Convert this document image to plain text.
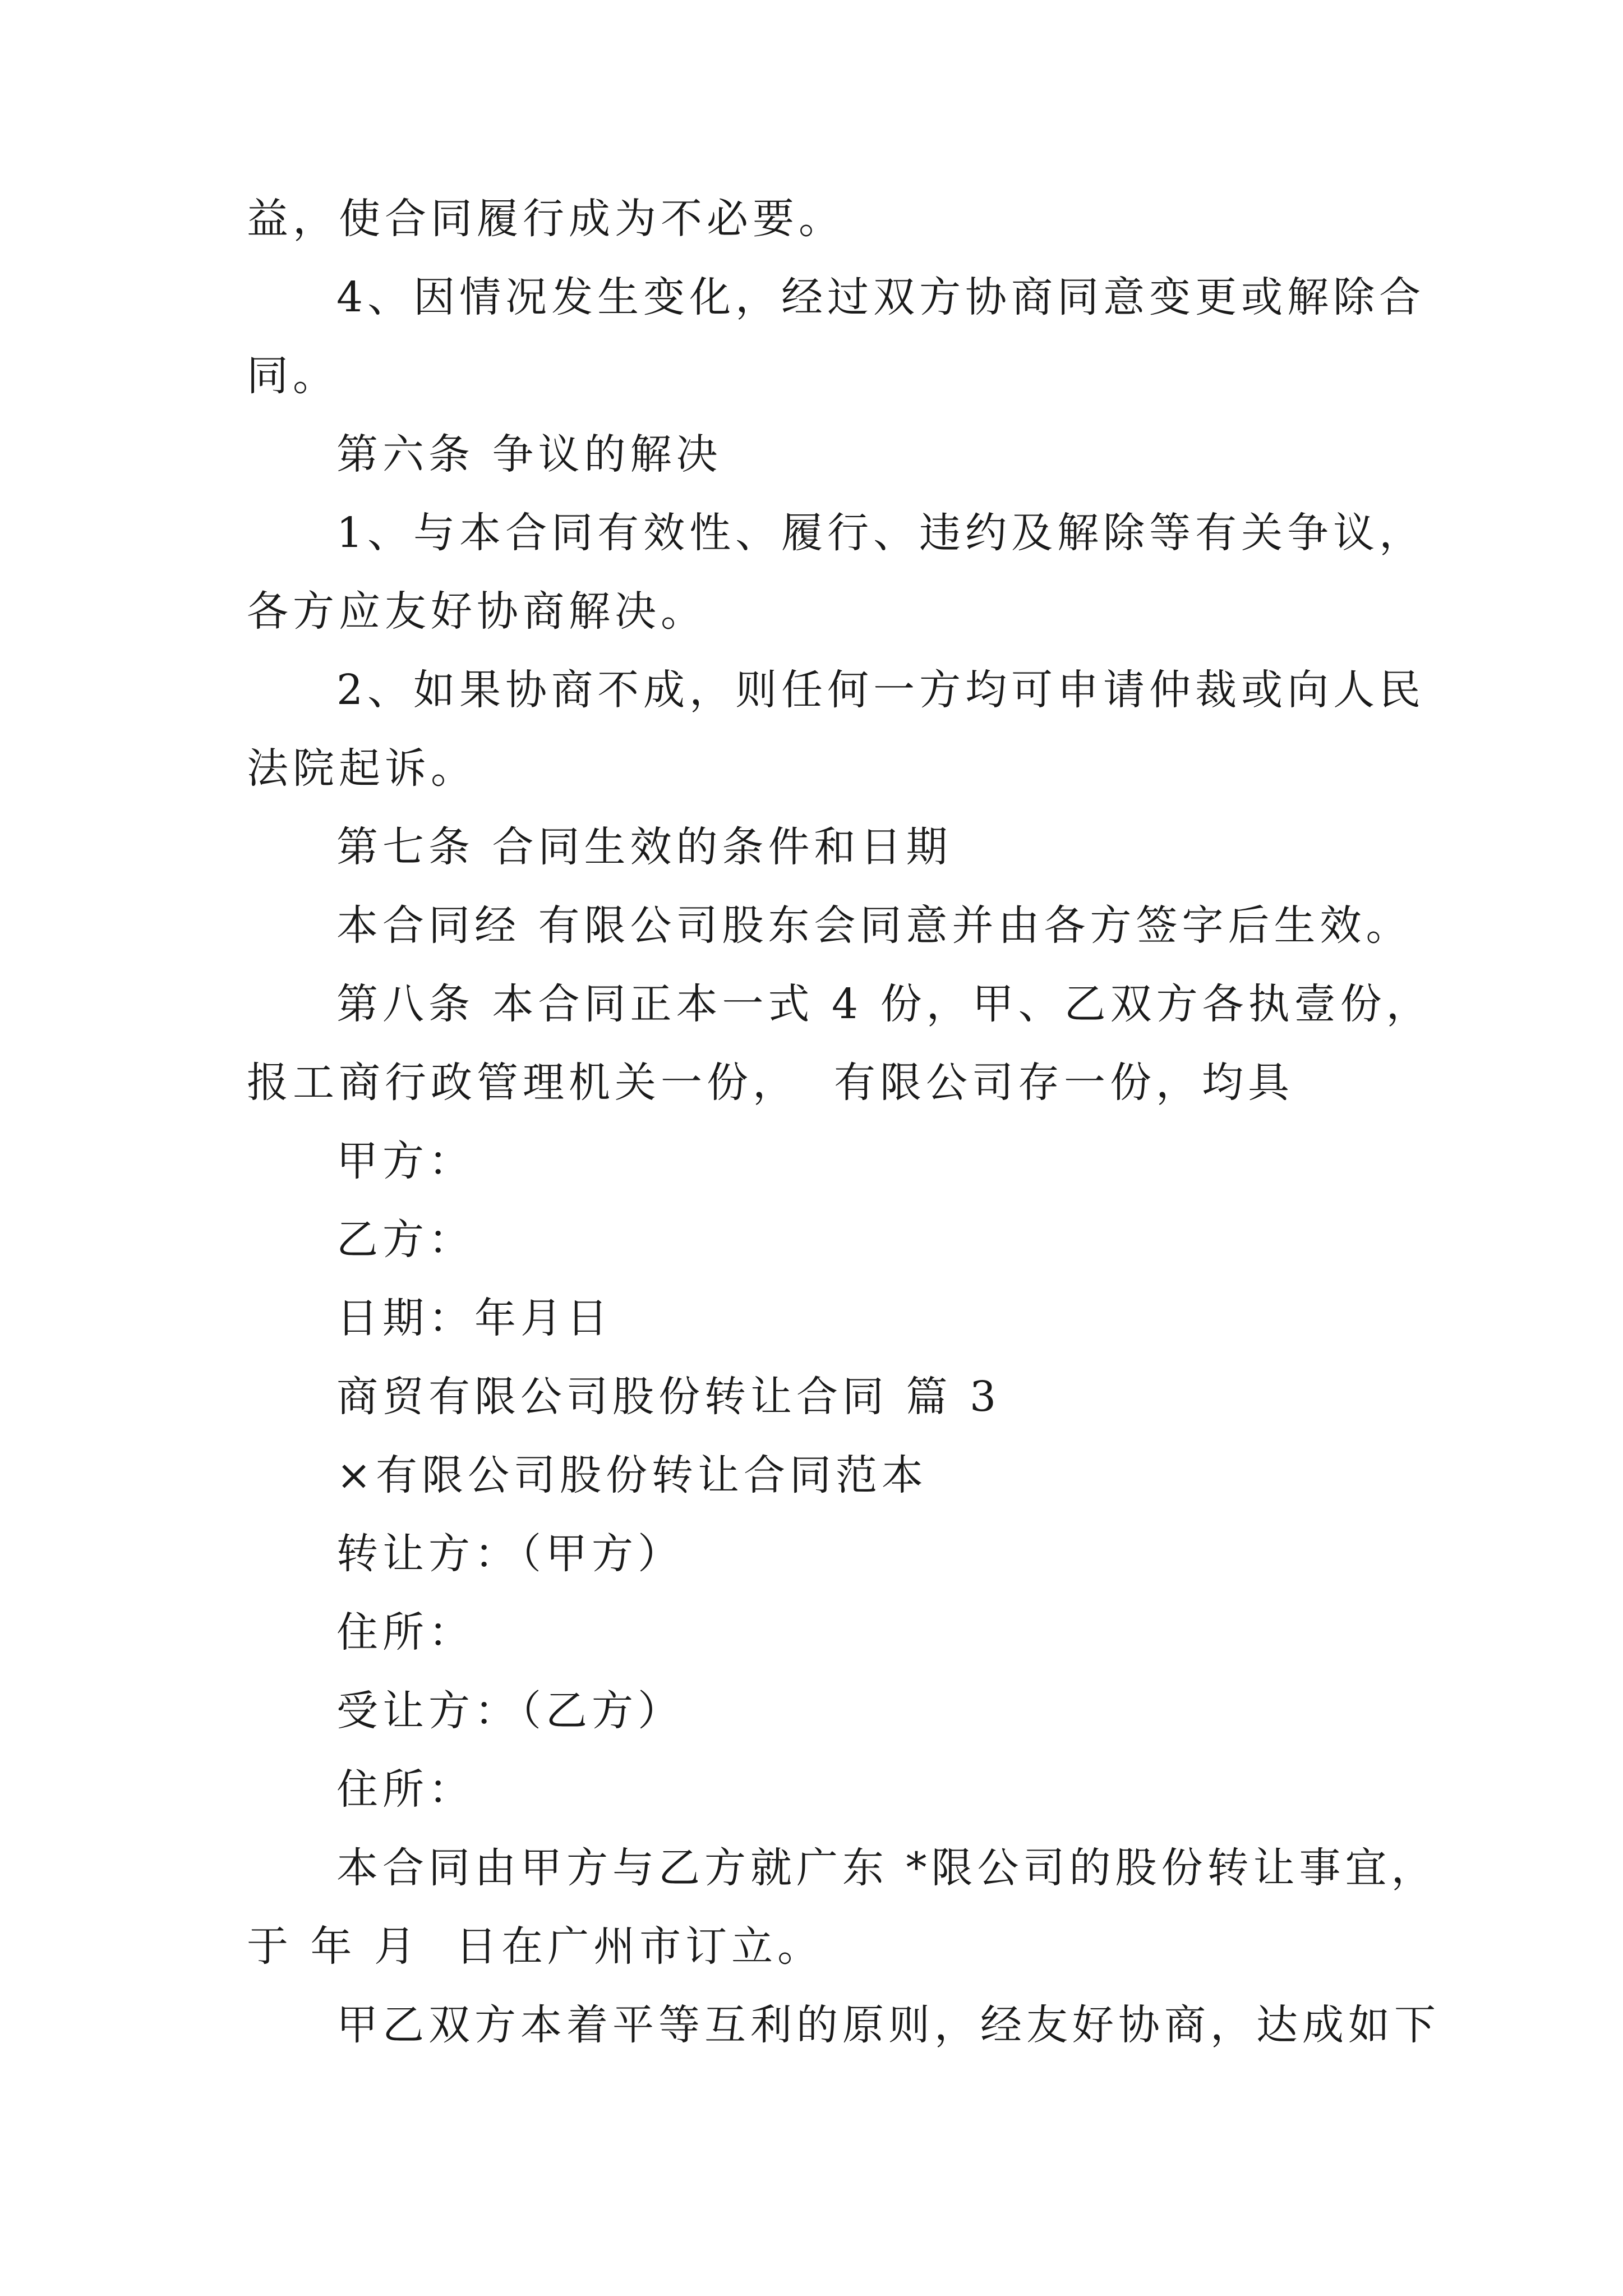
益，使合同履行成为不必要。
4、因情况发生变化，经过双方协商同意变更或解除合
同。
第六条 争议的解决
1、与本合同有效性、履行、违约及解除等有关争议，
各方应友好协商解决。
2、如果协商不成，则任何一方均可申请仲裁或向人民
法院起诉。
第七条 合同生效的条件和日期
本合同经 有限公司股东会同意并由各方签字后生效。
第八条 本合同正本一式 4 份，甲、乙双方各执壹份，
报工商行政管理机关一份，  有限公司存一份，均具
甲方：
乙方：
日期：年月日
商贸有限公司股份转让合同 篇 3
×有限公司股份转让合同范本
转让方：（甲方）
住所：
受让方：（乙方）
住所：
本合同由甲方与乙方就广东 *限公司的股份转让事宜，
于 年 月  日在广州市订立。
甲乙双方本着平等互利的原则，经友好协商，达成如下
